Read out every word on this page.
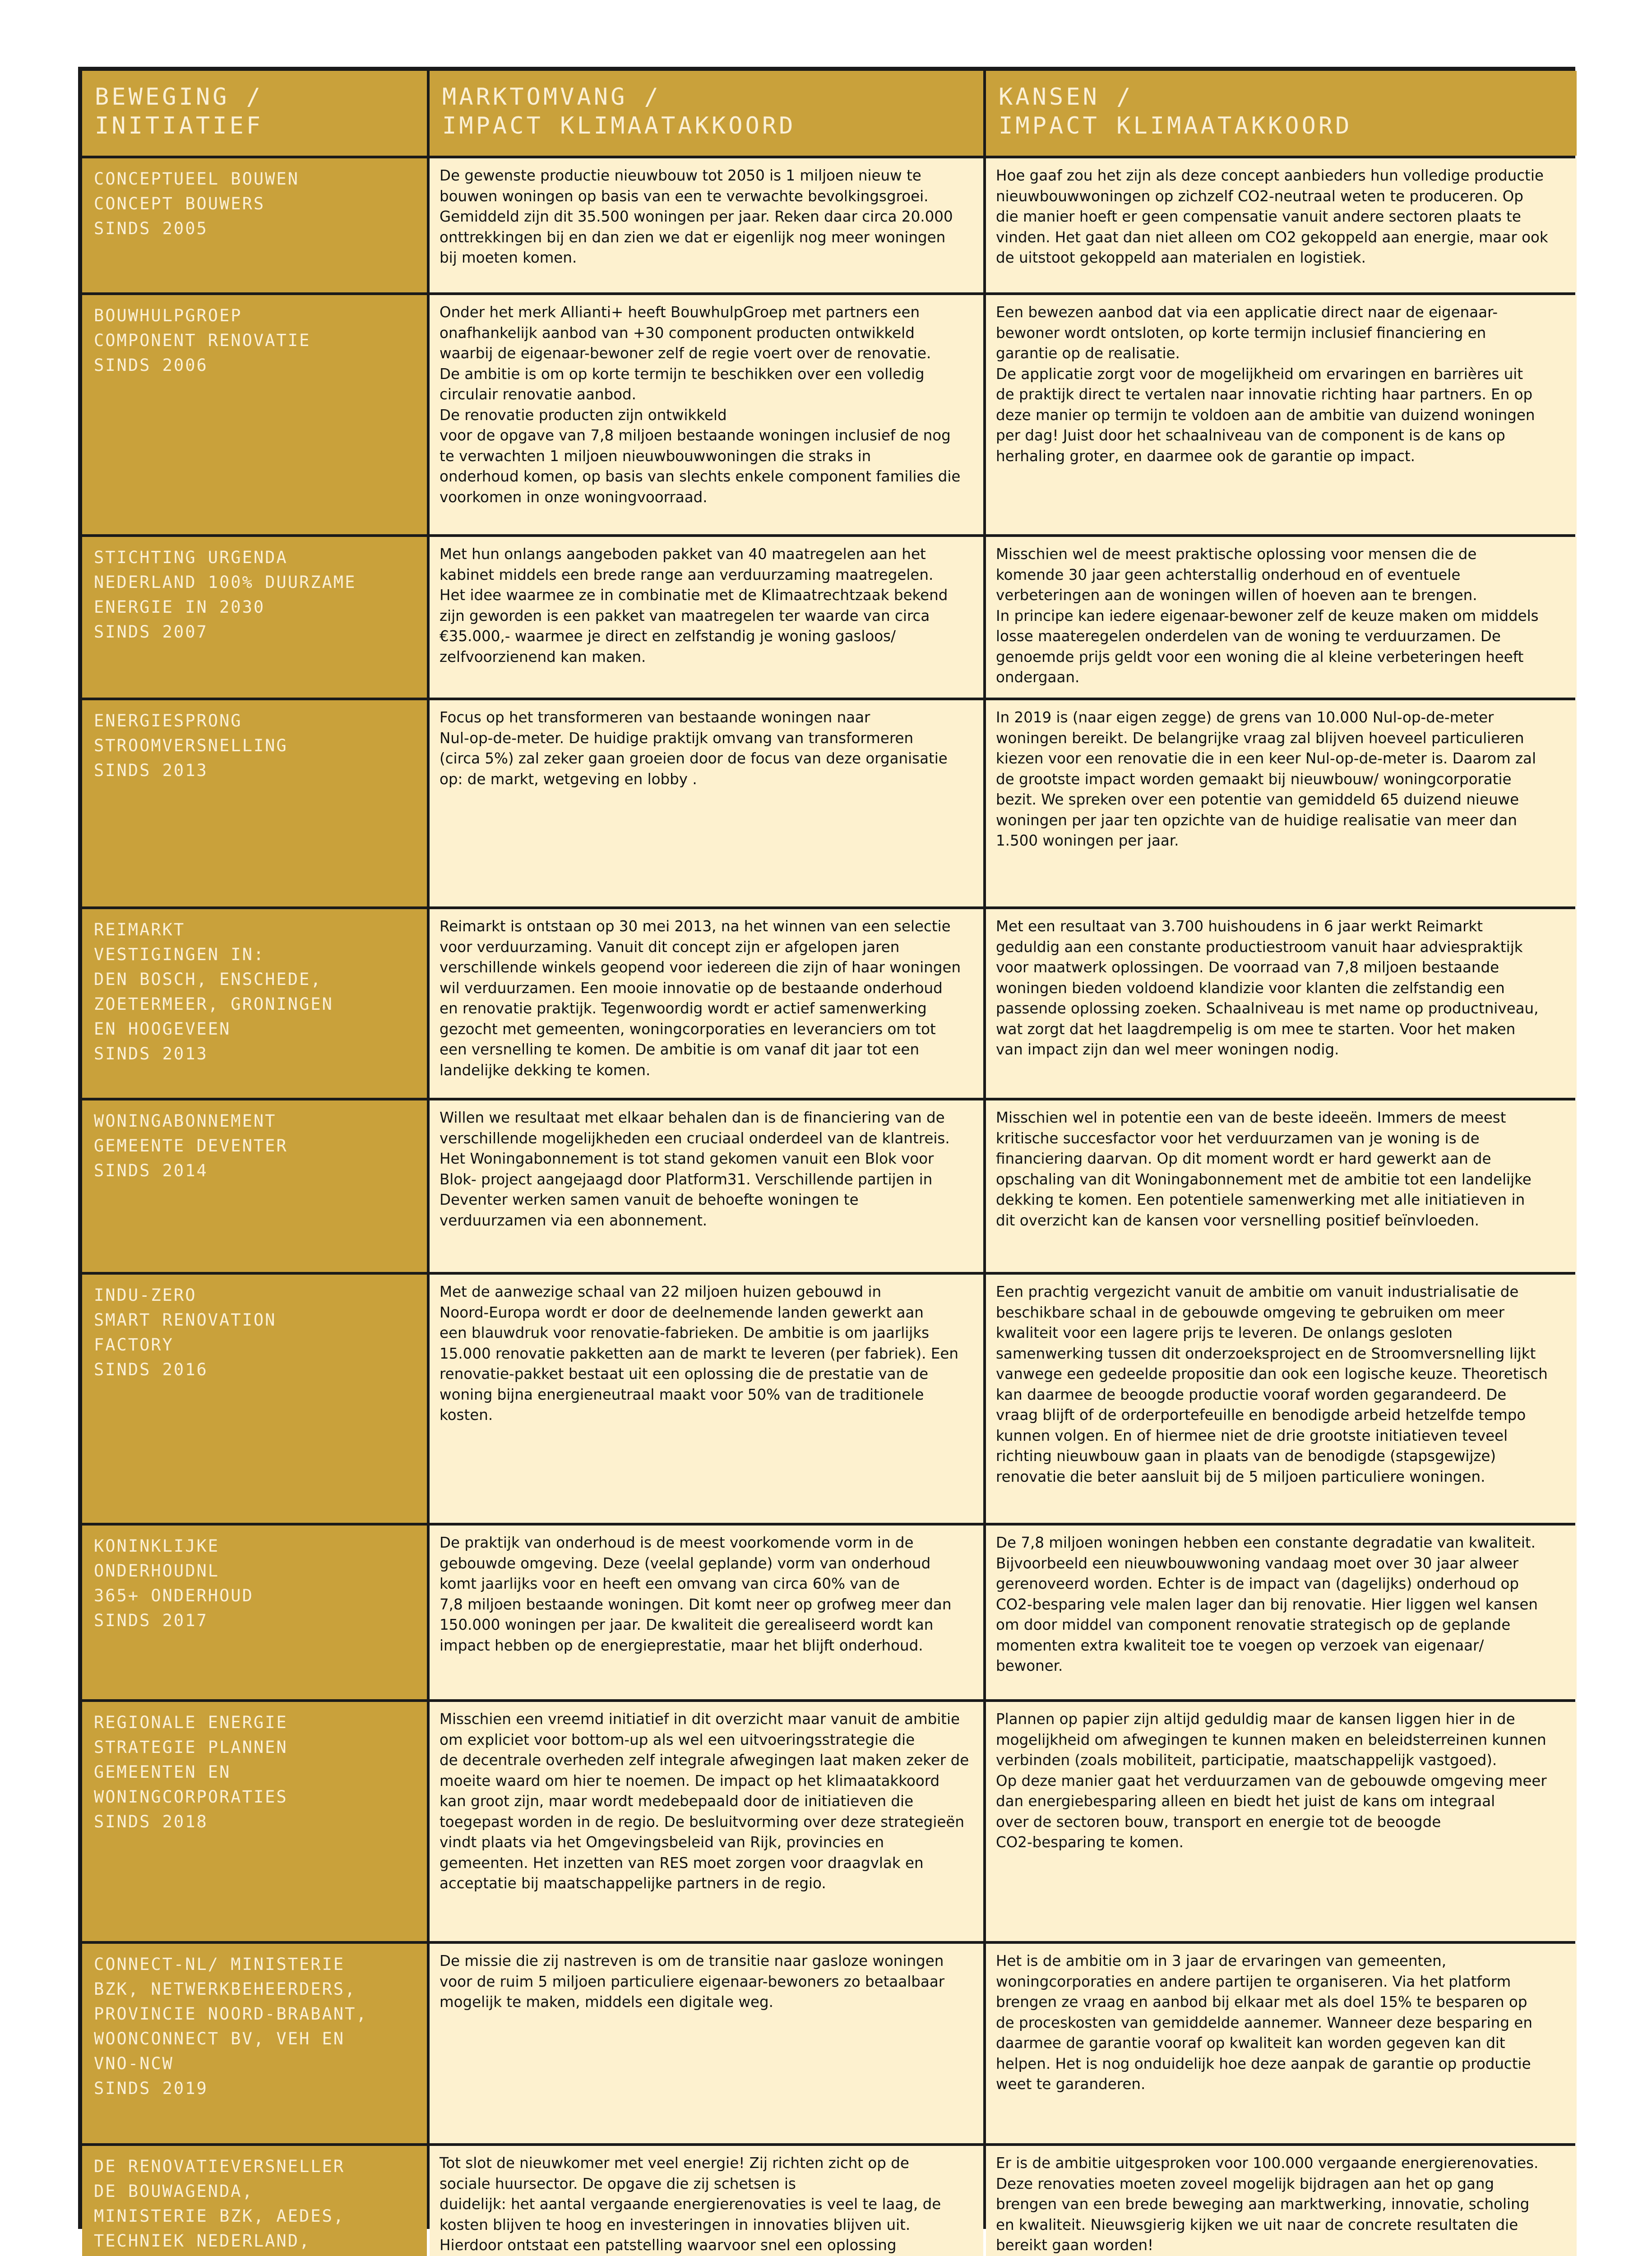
BEWEGING /
INITIATIEF
MARKTOMVANG /
IMPACT KLIMAATAKKOORD
KANSEN /
IMPACT KLIMAATAKKOORD
CONCEPTUEEL BOUWEN
CONCEPT BOUWERS
SINDS 2005
De gewenste productie nieuwbouw tot 2050 is 1 miljoen nieuw te
bouwen woningen op basis van een te verwachte bevolkingsgroei.
Gemiddeld zijn dit 35.500 woningen per jaar. Reken daar circa 20.000
onttrekkingen bij en dan zien we dat er eigenlijk nog meer woningen
bij moeten komen.
Hoe gaaf zou het zijn als deze concept aanbieders hun volledige productie
nieuwbouwwoningen op zichzelf CO2-neutraal weten te produceren. Op
die manier hoeft er geen compensatie vanuit andere sectoren plaats te
vinden. Het gaat dan niet alleen om CO2 gekoppeld aan energie, maar ook
de uitstoot gekoppeld aan materialen en logistiek.
BOUWHULPGROEP
COMPONENT RENOVATIE
SINDS 2006
Onder het merk Allianti+ heeft BouwhulpGroep met partners een
onafhankelijk aanbod van +30 component producten ontwikkeld
waarbij de eigenaar-bewoner zelf de regie voert over de renovatie.
De ambitie is om op korte termijn te beschikken over een volledig
circulair renovatie aanbod.
De renovatie producten zijn ontwikkeld
voor de opgave van 7,8 miljoen bestaande woningen inclusief de nog
te verwachten 1 miljoen nieuwbouwwoningen die straks in
onderhoud komen, op basis van slechts enkele component families die
voorkomen in onze woningvoorraad.
Een bewezen aanbod dat via een applicatie direct naar de eigenaar-
bewoner wordt ontsloten, op korte termijn inclusief financiering en
garantie op de realisatie.
De applicatie zorgt voor de mogelijkheid om ervaringen en barrières uit
de praktijk direct te vertalen naar innovatie richting haar partners. En op
deze manier op termijn te voldoen aan de ambitie van duizend woningen
per dag! Juist door het schaalniveau van de component is de kans op
herhaling groter, en daarmee ook de garantie op impact.
STICHTING URGENDA
NEDERLAND 100% DUURZAME
ENERGIE IN 2030
SINDS 2007
Met hun onlangs aangeboden pakket van 40 maatregelen aan het
kabinet middels een brede range aan verduurzaming maatregelen.
Het idee waarmee ze in combinatie met de Klimaatrechtzaak bekend
zijn geworden is een pakket van maatregelen ter waarde van circa
€35.000,- waarmee je direct en zelfstandig je woning gasloos/
zelfvoorzienend kan maken.
Misschien wel de meest praktische oplossing voor mensen die de
komende 30 jaar geen achterstallig onderhoud en of eventuele
verbeteringen aan de woningen willen of hoeven aan te brengen.
In principe kan iedere eigenaar-bewoner zelf de keuze maken om middels
losse maateregelen onderdelen van de woning te verduurzamen. De
genoemde prijs geldt voor een woning die al kleine verbeteringen heeft
ondergaan.
ENERGIESPRONG
STROOMVERSNELLING
SINDS 2013
Focus op het transformeren van bestaande woningen naar
Nul-op-de-meter. De huidige praktijk omvang van transformeren
(circa 5%) zal zeker gaan groeien door de focus van deze organisatie
op: de markt, wetgeving en lobby .
In 2019 is (naar eigen zegge) de grens van 10.000 Nul-op-de-meter
woningen bereikt. De belangrijke vraag zal blijven hoeveel particulieren
kiezen voor een renovatie die in een keer Nul-op-de-meter is. Daarom zal
de grootste impact worden gemaakt bij nieuwbouw/ woningcorporatie
bezit. We spreken over een potentie van gemiddeld 65 duizend nieuwe
woningen per jaar ten opzichte van de huidige realisatie van meer dan
1.500 woningen per jaar.
REIMARKT
VESTIGINGEN IN:
DEN BOSCH, ENSCHEDE,
ZOETERMEER, GRONINGEN
EN HOOGEVEEN
SINDS 2013
Reimarkt is ontstaan op 30 mei 2013, na het winnen van een selectie
voor verduurzaming. Vanuit dit concept zijn er afgelopen jaren
verschillende winkels geopend voor iedereen die zijn of haar woningen
wil verduurzamen. Een mooie innovatie op de bestaande onderhoud
en renovatie praktijk. Tegenwoordig wordt er actief samenwerking
gezocht met gemeenten, woningcorporaties en leveranciers om tot
een versnelling te komen. De ambitie is om vanaf dit jaar tot een
landelijke dekking te komen.
Met een resultaat van 3.700 huishoudens in 6 jaar werkt Reimarkt
geduldig aan een constante productiestroom vanuit haar adviespraktijk
voor maatwerk oplossingen. De voorraad van 7,8 miljoen bestaande
woningen bieden voldoend klandizie voor klanten die zelfstandig een
passende oplossing zoeken. Schaalniveau is met name op productniveau,
wat zorgt dat het laagdrempelig is om mee te starten. Voor het maken
van impact zijn dan wel meer woningen nodig.
WONINGABONNEMENT
GEMEENTE DEVENTER
SINDS 2014
Willen we resultaat met elkaar behalen dan is de financiering van de
verschillende mogelijkheden een cruciaal onderdeel van de klantreis.
Het Woningabonnement is tot stand gekomen vanuit een Blok voor
Blok- project aangejaagd door Platform31. Verschillende partijen in
Deventer werken samen vanuit de behoefte woningen te
verduurzamen via een abonnement.
Misschien wel in potentie een van de beste ideeën. Immers de meest
kritische succesfactor voor het verduurzamen van je woning is de
financiering daarvan. Op dit moment wordt er hard gewerkt aan de
opschaling van dit Woningabonnement met de ambitie tot een landelijke
dekking te komen. Een potentiele samenwerking met alle initiatieven in
dit overzicht kan de kansen voor versnelling positief beïnvloeden.
INDU-ZERO
SMART RENOVATION
FACTORY
SINDS 2016
Met de aanwezige schaal van 22 miljoen huizen gebouwd in
Noord-Europa wordt er door de deelnemende landen gewerkt aan
een blauwdruk voor renovatie-fabrieken. De ambitie is om jaarlijks
15.000 renovatie pakketten aan de markt te leveren (per fabriek). Een
renovatie-pakket bestaat uit een oplossing die de prestatie van de
woning bijna energieneutraal maakt voor 50% van de traditionele
kosten.
Een prachtig vergezicht vanuit de ambitie om vanuit industrialisatie de
beschikbare schaal in de gebouwde omgeving te gebruiken om meer
kwaliteit voor een lagere prijs te leveren. De onlangs gesloten
samenwerking tussen dit onderzoeksproject en de Stroomversnelling lijkt
vanwege een gedeelde propositie dan ook een logische keuze. Theoretisch
kan daarmee de beoogde productie vooraf worden gegarandeerd. De
vraag blijft of de orderportefeuille en benodigde arbeid hetzelfde tempo
kunnen volgen. En of hiermee niet de drie grootste initiatieven teveel
richting nieuwbouw gaan in plaats van de benodigde (stapsgewijze)
renovatie die beter aansluit bij de 5 miljoen particuliere woningen.
KONINKLIJKE
ONDERHOUDNL
365+ ONDERHOUD
SINDS 2017
De praktijk van onderhoud is de meest voorkomende vorm in de
gebouwde omgeving. Deze (veelal geplande) vorm van onderhoud
komt jaarlijks voor en heeft een omvang van circa 60% van de
7,8 miljoen bestaande woningen. Dit komt neer op grofweg meer dan
150.000 woningen per jaar. De kwaliteit die gerealiseerd wordt kan
impact hebben op de energieprestatie, maar het blijft onderhoud.
De 7,8 miljoen woningen hebben een constante degradatie van kwaliteit.
Bijvoorbeeld een nieuwbouwwoning vandaag moet over 30 jaar alweer
gerenoveerd worden. Echter is de impact van (dagelijks) onderhoud op
CO2-besparing vele malen lager dan bij renovatie. Hier liggen wel kansen
om door middel van component renovatie strategisch op de geplande
momenten extra kwaliteit toe te voegen op verzoek van eigenaar/
bewoner.
REGIONALE ENERGIE
STRATEGIE PLANNEN
GEMEENTEN EN
WONINGCORPORATIES
SINDS 2018
Misschien een vreemd initiatief in dit overzicht maar vanuit de ambitie
om expliciet voor bottom-up als wel een uitvoeringsstrategie die
de decentrale overheden zelf integrale afwegingen laat maken zeker de
moeite waard om hier te noemen. De impact op het klimaatakkoord
kan groot zijn, maar wordt medebepaald door de initiatieven die
toegepast worden in de regio. De besluitvorming over deze strategieën
vindt plaats via het Omgevingsbeleid van Rijk, provincies en
gemeenten. Het inzetten van RES moet zorgen voor draagvlak en
acceptatie bij maatschappelijke partners in de regio.
Plannen op papier zijn altijd geduldig maar de kansen liggen hier in de
mogelijkheid om afwegingen te kunnen maken en beleidsterreinen kunnen
verbinden (zoals mobiliteit, participatie, maatschappelijk vastgoed).
Op deze manier gaat het verduurzamen van de gebouwde omgeving meer
dan energiebesparing alleen en biedt het juist de kans om integraal
over de sectoren bouw, transport en energie tot de beoogde
CO2-besparing te komen.
CONNECT-NL/ MINISTERIE
BZK, NETWERKBEHEERDERS,
PROVINCIE NOORD-BRABANT,
WOONCONNECT BV, VEH EN
VNO-NCW
SINDS 2019
De missie die zij nastreven is om de transitie naar gasloze woningen
voor de ruim 5 miljoen particuliere eigenaar-bewoners zo betaalbaar
mogelijk te maken, middels een digitale weg.
Het is de ambitie om in 3 jaar de ervaringen van gemeenten,
woningcorporaties en andere partijen te organiseren. Via het platform
brengen ze vraag en aanbod bij elkaar met als doel 15% te besparen op
de proceskosten van gemiddelde aannemer. Wanneer deze besparing en
daarmee de garantie vooraf op kwaliteit kan worden gegeven kan dit
helpen. Het is nog onduidelijk hoe deze aanpak de garantie op productie
weet te garanderen.
DE RENOVATIEVERSNELLER
DE BOUWAGENDA,
MINISTERIE BZK, AEDES,
TECHNIEK NEDERLAND,

Tot slot de nieuwkomer met veel energie! Zij richten zicht op de
sociale huursector. De opgave die zij schetsen is
duidelijk: het aantal vergaande energierenovaties is veel te laag, de
kosten blijven te hoog en investeringen in innovaties blijven uit.
Hierdoor ontstaat een patstelling waarvoor snel een oplossing

Er is de ambitie uitgesproken voor 100.000 vergaande energierenovaties.
Deze renovaties moeten zoveel mogelijk bijdragen aan het op gang
brengen van een brede beweging aan marktwerking, innovatie, scholing
en kwaliteit. Nieuwsgierig kijken we uit naar de concrete resultaten die
bereikt gaan worden!
